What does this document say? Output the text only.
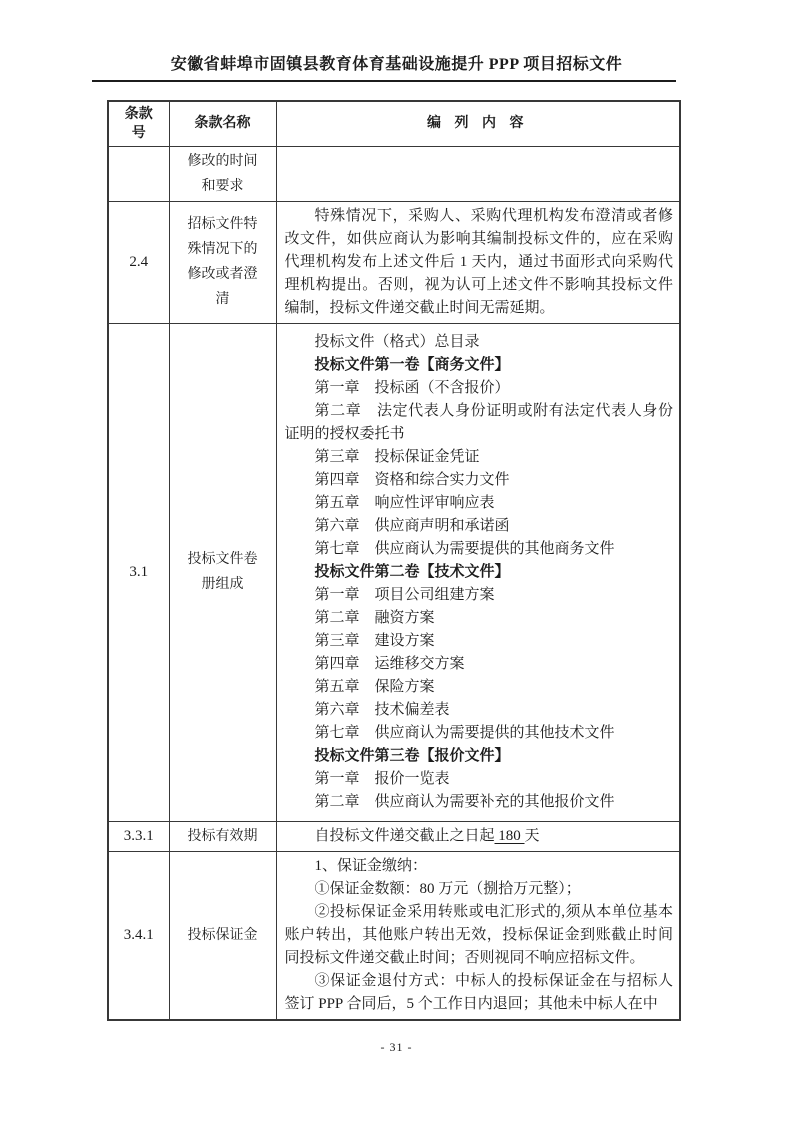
安徽省蚌埠市固镇县教育体育基础设施提升 PPP 项目招标文件
条款号	条款名称	编 列 内 容
	修改的时间和要求	
2.4	招标文件特殊情况下的修改或者澄清	特殊情况下，采购人、采购代理机构发布澄清或者修改文件，如供应商认为影响其编制投标文件的，应在采购代理机构发布上述文件后 1 天内，通过书面形式向采购代理机构提出。否则，视为认可上述文件不影响其投标文件编制，投标文件递交截止时间无需延期。

3.1	投标文件卷册组成	
投标文件（格式）总目录
投标文件第一卷【商务文件】
第一章　投标函（不含报价）
第二章　法定代表人身份证明或附有法定代表人身份证明的授权委托书
第三章　投标保证金凭证
第四章　资格和综合实力文件
第五章　响应性评审响应表
第六章　供应商声明和承诺函
第七章　供应商认为需要提供的其他商务文件
投标文件第二卷【技术文件】
第一章　项目公司组建方案
第二章　融资方案
第三章　建设方案
第四章　运维移交方案
第五章　保险方案
第六章　技术偏差表
第七章　供应商认为需要提供的其他技术文件
投标文件第三卷【报价文件】
第一章　报价一览表
第二章　供应商认为需要补充的其他报价文件

3.3.1	投标有效期	自投标文件递交截止之日起 180 天

3.4.1	投标保证金	1、保证金缴纳：
①保证金数额：80 万元（捌拾万元整）；
②投标保证金采用转账或电汇形式的,须从本单位基本账户转出，其他账户转出无效，投标保证金到账截止时间同投标文件递交截止时间；否则视同不响应招标文件。
③保证金退付方式：中标人的投标保证金在与招标人签订 PPP 合同后，5 个工作日内退回；其他未中标人在中
- 31 -
